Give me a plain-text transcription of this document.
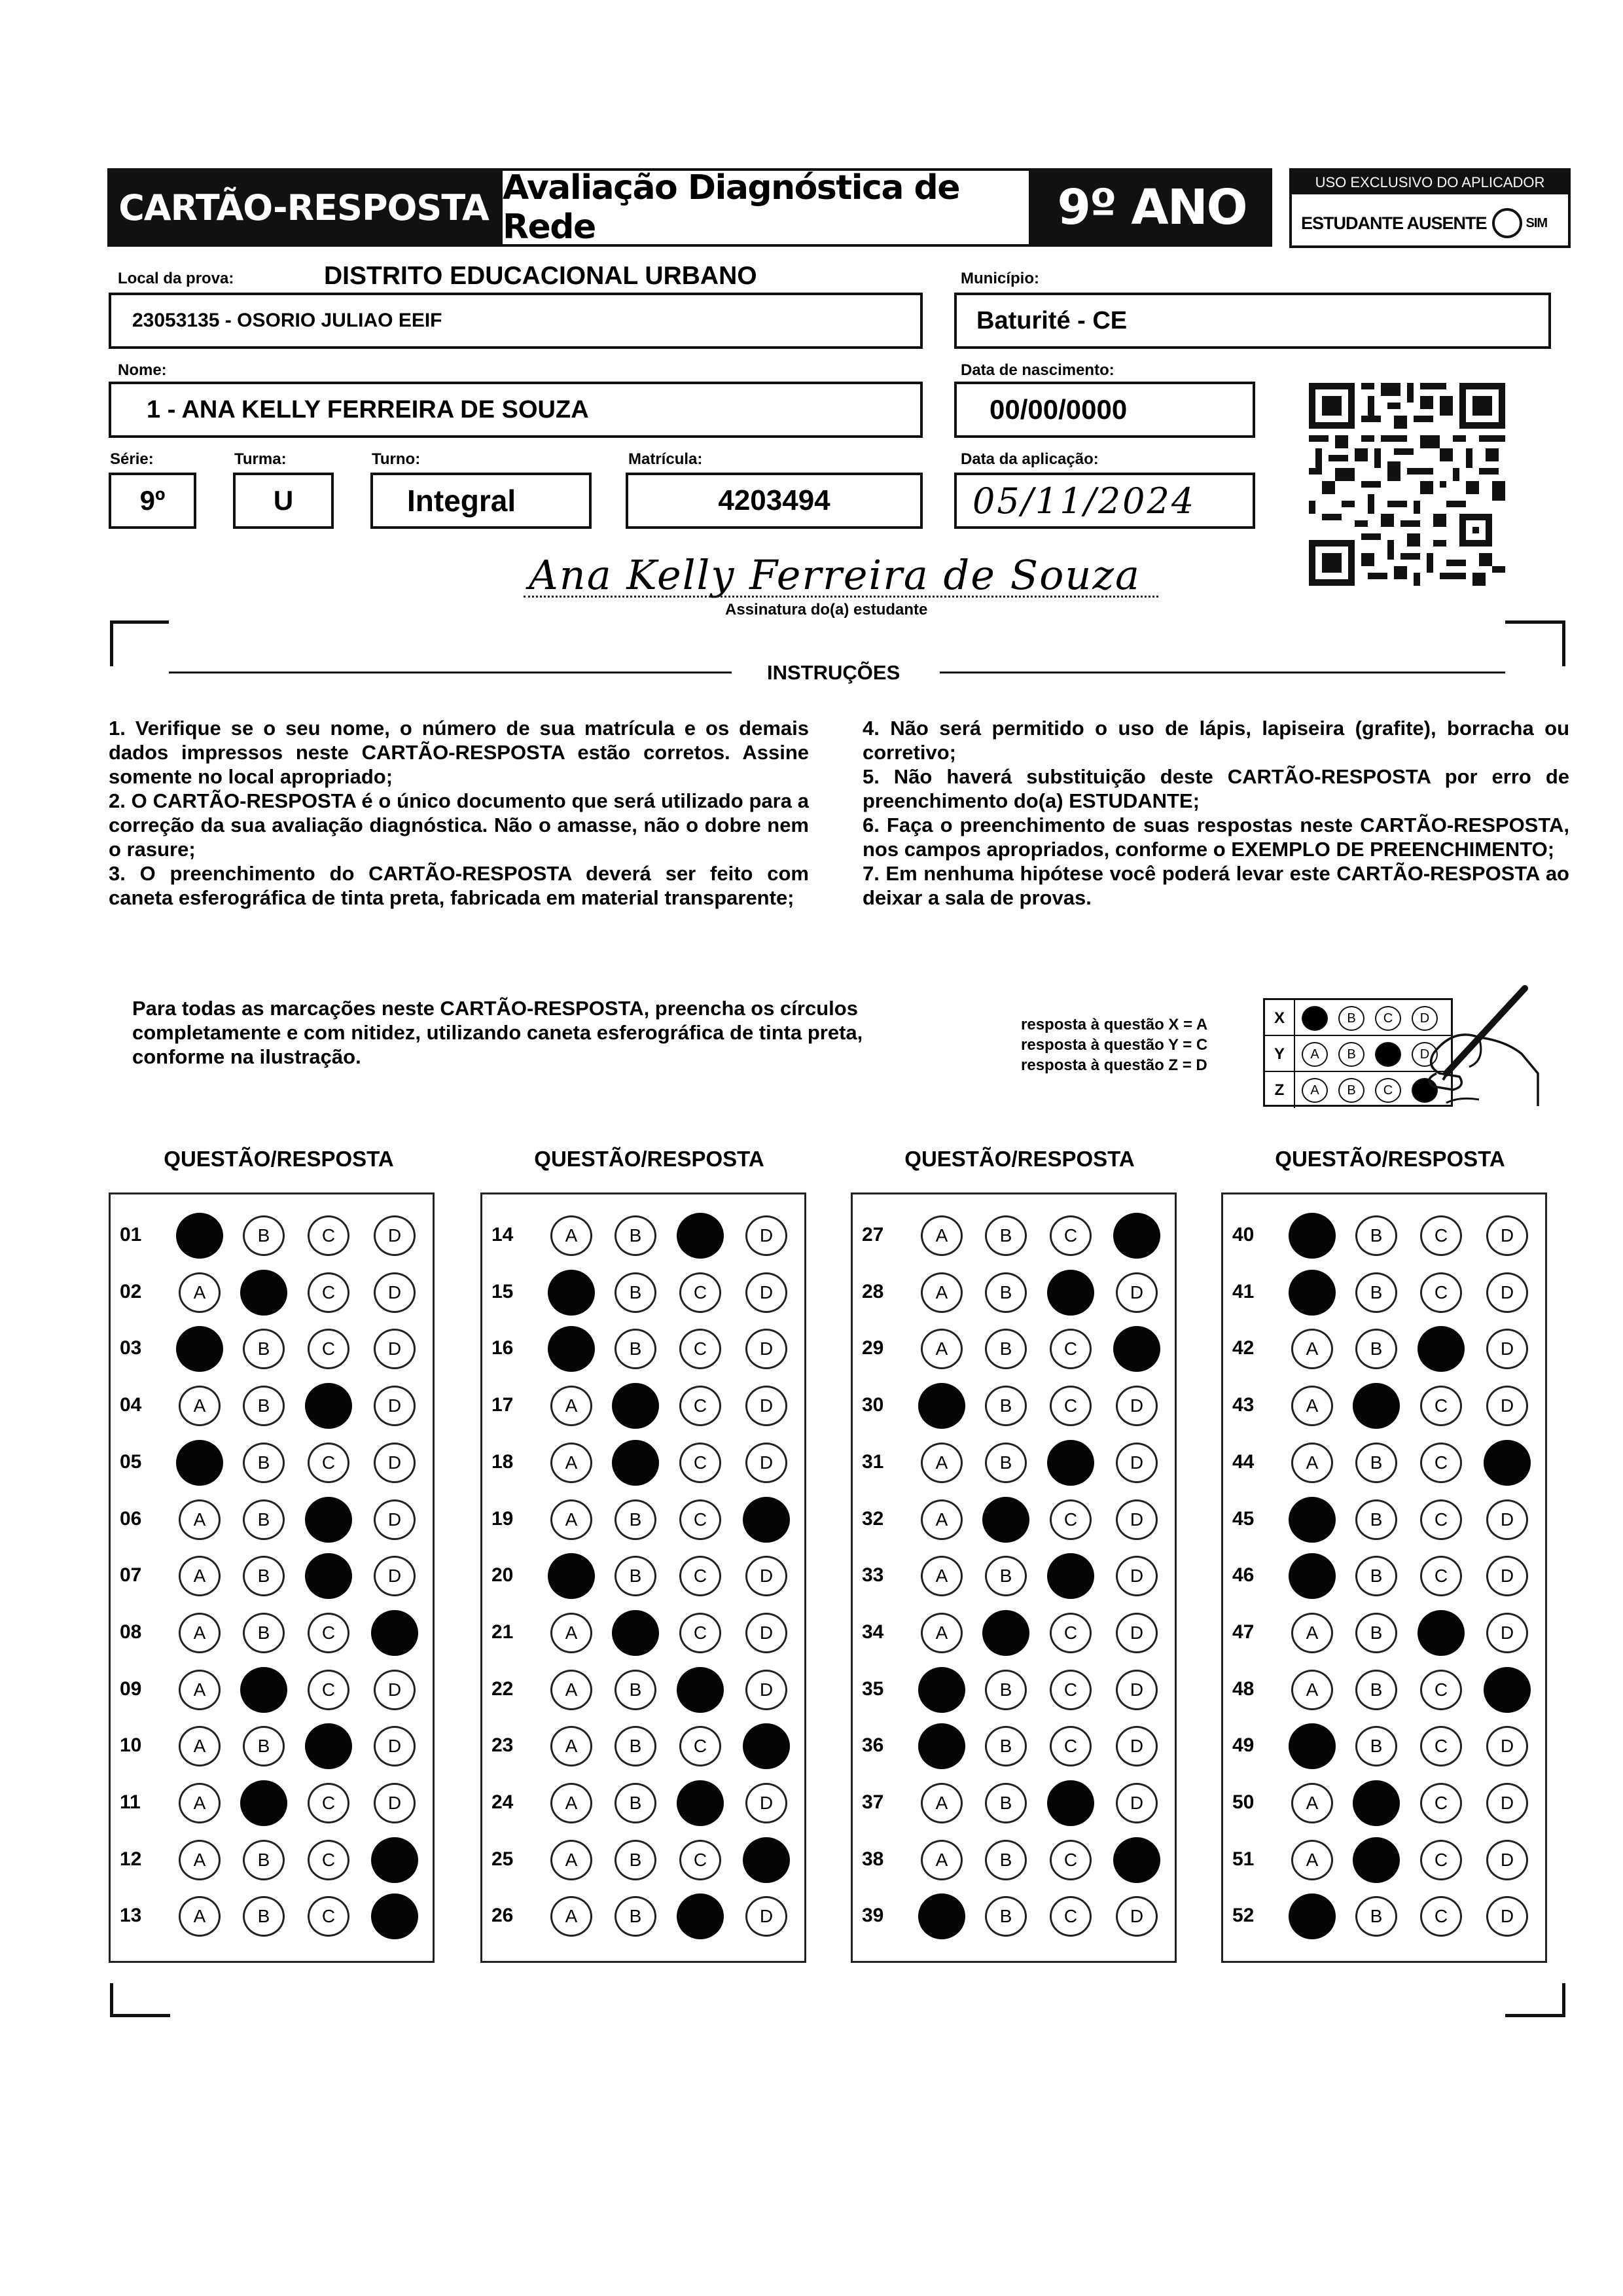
CARTÃO-RESPOSTA Avaliação Diagnóstica de Rede	9º ANO	USO EXCLUSIVO DO APLICADOR
ESTUDANTE AUSENTE	SIM
Local da prova:	DISTRITO EDUCACIONAL URBANO	Município:
23053135 - OSORIO JULIAO EEIF	Baturité - CE
Nome:	Data de nascimento:
1 - ANA KELLY FERREIRA DE SOUZA	00/00/0000
Série:	Turma:	Turno:	Matrícula:	Data da aplicação:
9º	U	Integral	4203494	05/11/2024
Ana Kelly Ferreira de Souza
Assinatura do(a) estudante
INSTRUÇÕES

1. Verifique se o seu nome, o número de sua matrícula e os demais dados impressos neste CARTÃO-RESPOSTA estão corretos. Assine somente no local apropriado;

2. O CARTÃO-RESPOSTA é o único documento que será utilizado para a correção da sua avaliação diagnóstica. Não o amasse, não o dobre nem o rasure;

3. O preenchimento do CARTÃO-RESPOSTA deverá ser feito com caneta esferográfica de tinta preta, fabricada em material transparente;

4. Não será permitido o uso de lápis, lapiseira (grafite), borracha ou corretivo;

5. Não haverá substituição deste CARTÃO-RESPOSTA por erro de preenchimento do(a) ESTUDANTE;

6. Faça o preenchimento de suas respostas neste CARTÃO-RESPOSTA, nos campos apropriados, conforme o EXEMPLO DE PREENCHIMENTO;

7. Em nenhuma hipótese você poderá levar este CARTÃO-RESPOSTA ao deixar a sala de provas.

Para todas as marcações neste CARTÃO-RESPOSTA, preencha os círculos completamente e com nitidez, utilizando caneta esferográfica de tinta preta, conforme na ilustração.
resposta à questão X = A
resposta à questão Y = C
resposta à questão Z = D
X	B	C	D
Y	A	B	D
Z	A	B	C
QUESTÃO/RESPOSTA
01	B	C	D
02	A	C	D
03	B	C	D
04	A	B	D
05	B	C	D
06	A	B	D
07	A	B	D
08	A	B	C
09	A	C	D
10	A	B	D
11	A	C	D
12	A	B	C
13	A	B	C
QUESTÃO/RESPOSTA
14	A	B	D
15	B	C	D
16	B	C	D
17	A	C	D
18	A	C	D
19	A	B	C
20	B	C	D
21	A	C	D
22	A	B	D
23	A	B	C
24	A	B	D
25	A	B	C
26	A	B	D
QUESTÃO/RESPOSTA
27	A	B	C
28	A	B	D
29	A	B	C
30	B	C	D
31	A	B	D
32	A	C	D
33	A	B	D
34	A	C	D
35	B	C	D
36	B	C	D
37	A	B	D
38	A	B	C
39	B	C	D
QUESTÃO/RESPOSTA
40	B	C	D
41	B	C	D
42	A	B	D
43	A	C	D
44	A	B	C
45	B	C	D
46	B	C	D
47	A	B	D
48	A	B	C
49	B	C	D
50	A	C	D
51	A	C	D
52	B	C	D
